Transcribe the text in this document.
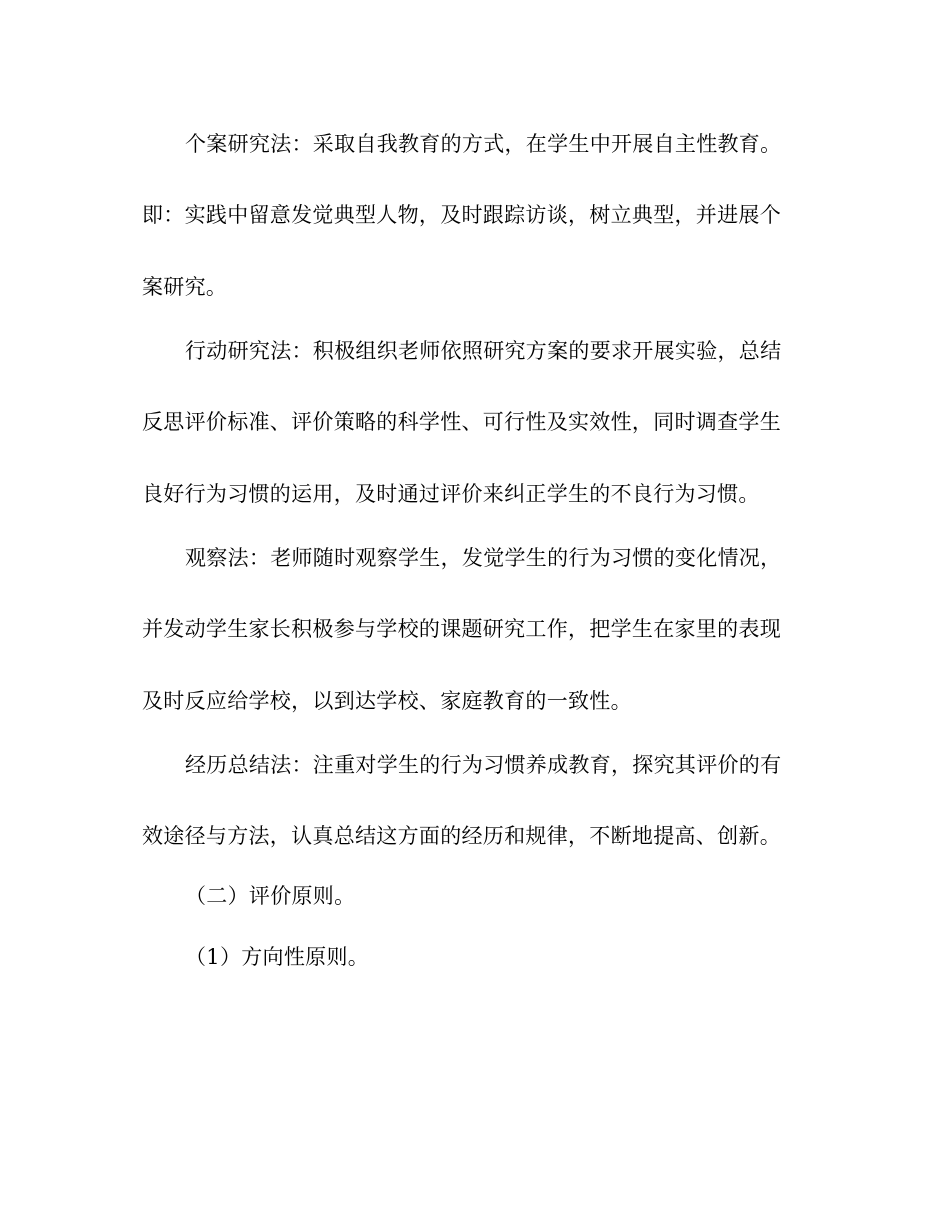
个案研究法：采取自我教育的方式，在学生中开展自主性教育。
即：实践中留意发觉典型人物，及时跟踪访谈，树立典型，并进展个
案研究。
行动研究法：积极组织老师依照研究方案的要求开展实验，总结
反思评价标准、评价策略的科学性、可行性及实效性，同时调查学生
良好行为习惯的运用，及时通过评价来纠正学生的不良行为习惯。
观察法：老师随时观察学生，发觉学生的行为习惯的变化情况，
并发动学生家长积极参与学校的课题研究工作，把学生在家里的表现
及时反应给学校，以到达学校、家庭教育的一致性。
经历总结法：注重对学生的行为习惯养成教育，探究其评价的有
效途径与方法，认真总结这方面的经历和规律，不断地提高、创新。
（二）评价原则。
（1）方向性原则。
